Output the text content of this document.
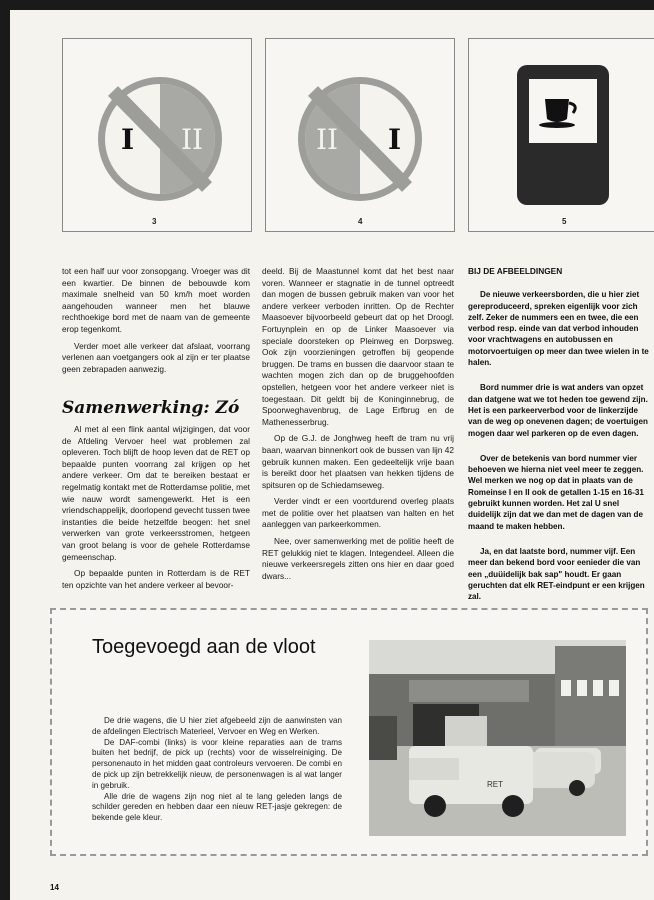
I II
3
II I
4	5

tot een half uur voor zonsopgang. Vroeger was dit een kwartier. De binnen de bebouwde kom maximale snelheid van 50 km/h moet worden aangehouden wanneer men het blauwe rechthoekige bord met de naam van de gemeente erop tegenkomt.

Verder moet alle verkeer dat afslaat, voorrang verlenen aan voetgangers ook al zijn er ter plaatse geen zebrapaden aanwezig.

Samenwerking: Zó

Al met al een flink aantal wijzigingen, dat voor de Afdeling Vervoer heel wat problemen zal opleveren. Toch blijft de hoop leven dat de RET op bepaalde punten voorrang zal krijgen op het andere verkeer. Om dat te bereiken bestaat er regelmatig kontakt met de Rotterdamse politie, met wie nauw wordt samengewerkt. Het is een vriendschappelijk, doorlopend gevecht tussen twee instanties die beide hetzelfde beogen: het snel verwerken van grote verkeersstromen, hetgeen van groot belang is voor de gehele Rotterdamse gemeenschap.

Op bepaalde punten in Rotterdam is de RET ten opzichte van het andere verkeer al bevoor-

deeld. Bij de Maastunnel komt dat het best naar voren. Wanneer er stagnatie in de tunnel optreedt dan mogen de bussen gebruik maken van voor het andere verkeer verboden inritten. Op de Rechter Maasoever bijvoorbeeld gebeurt dat op het Droogl. Fortuynplein en op de Linker Maasoever via speciale doorsteken op Pleinweg en Dorpsweg. Ook zijn voorzieningen getroffen bij geopende bruggen. De trams en bussen die daarvoor staan te wachten mogen zich dan op de bruggehoofden opstellen, hetgeen voor het andere verkeer niet is toegestaan. Dit geldt bij de Koninginnebrug, de Spoorweghavenbrug, de Lage Erfbrug en de Mathenesserbrug.

Op de G.J. de Jonghweg heeft de tram nu vrij baan, waarvan binnenkort ook de bussen van lijn 42 gebruik kunnen maken. Een gedeeltelijk vrije baan is bereikt door het plaatsen van hekken tijdens de spitsuren op de Schiedamseweg.

Verder vindt er een voortdurend overleg plaats met de politie over het plaatsen van halten en het aanleggen van parkeerkommen.

Nee, over samenwerking met de politie heeft de RET gelukkig niet te klagen. Integendeel. Alleen die nieuwe verkeersregels zitten ons hier en daar goed dwars...

BIJ DE AFBEELDINGEN

De nieuwe verkeersborden, die u hier ziet gereproduceerd, spreken eigenlijk voor zich zelf. Zeker de nummers een en twee, die een verbod resp. einde van dat verbod inhouden voor vrachtwagens en autobussen en motorvoertuigen op meer dan twee wielen in te halen.

Bord nummer drie is wat anders van opzet dan datgene wat we tot heden toe gewend zijn. Het is een parkeerverbod voor de linkerzijde van de weg op onevenen dagen; de voertuigen mogen daar wel parkeren op de even dagen.

Over de betekenis van bord nummer vier behoeven we hierna niet veel meer te zeggen. Wel merken we nog op dat in plaats van de Romeinse I en II ook de getallen 1-15 en 16-31 gebruikt kunnen worden. Het zal U snel duidelijk zijn dat we dan met de dagen van de maand te maken hebben.

Ja, en dat laatste bord, nummer vijf. Een meer dan bekend bord voor eenieder die van een „duüidelijk bak sap" houdt. Er gaan geruchten dat elk RET-eindpunt er een krijgen zal.

Toegevoegd aan de vloot

De drie wagens, die U hier ziet afgebeeld zijn de aanwinsten van de afdelingen Electrisch Materieel, Vervoer en Weg en Werken.

De DAF-combi (links) is voor kleine reparaties aan de trams buiten het bedrijf, de pick up (rechts) voor de wisselreiniging. De personenauto in het midden gaat controleurs vervoeren. De combi en de pick up zijn betrekkelijk nieuw, de personenwagen is al wat langer in gebruik.

Alle drie de wagens zijn nog niet al te lang geleden langs de schilder gereden en hebben daar een nieuw RET-jasje gekregen: de bekende gele kleur.

RET
14
